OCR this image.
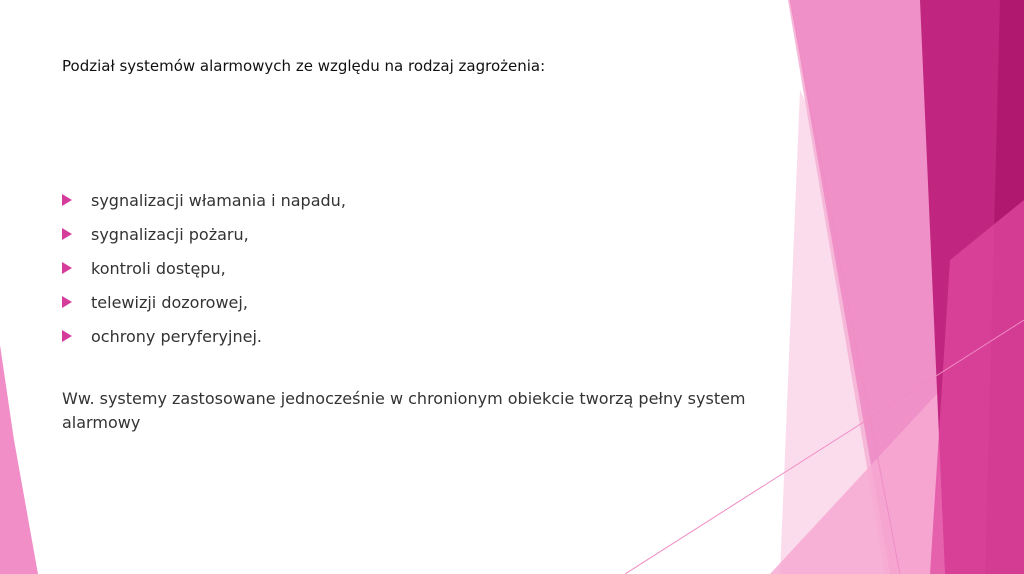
Podział systemów alarmowych ze względu na rodzaj zagrożenia:
sygnalizacji włamania i napadu,
sygnalizacji pożaru,
kontroli dostępu,
telewizji dozorowej,
ochrony peryferyjnej.

Ww. systemy zastosowane jednocześnie w chronionym obiekcie tworzą pełny system alarmowy
